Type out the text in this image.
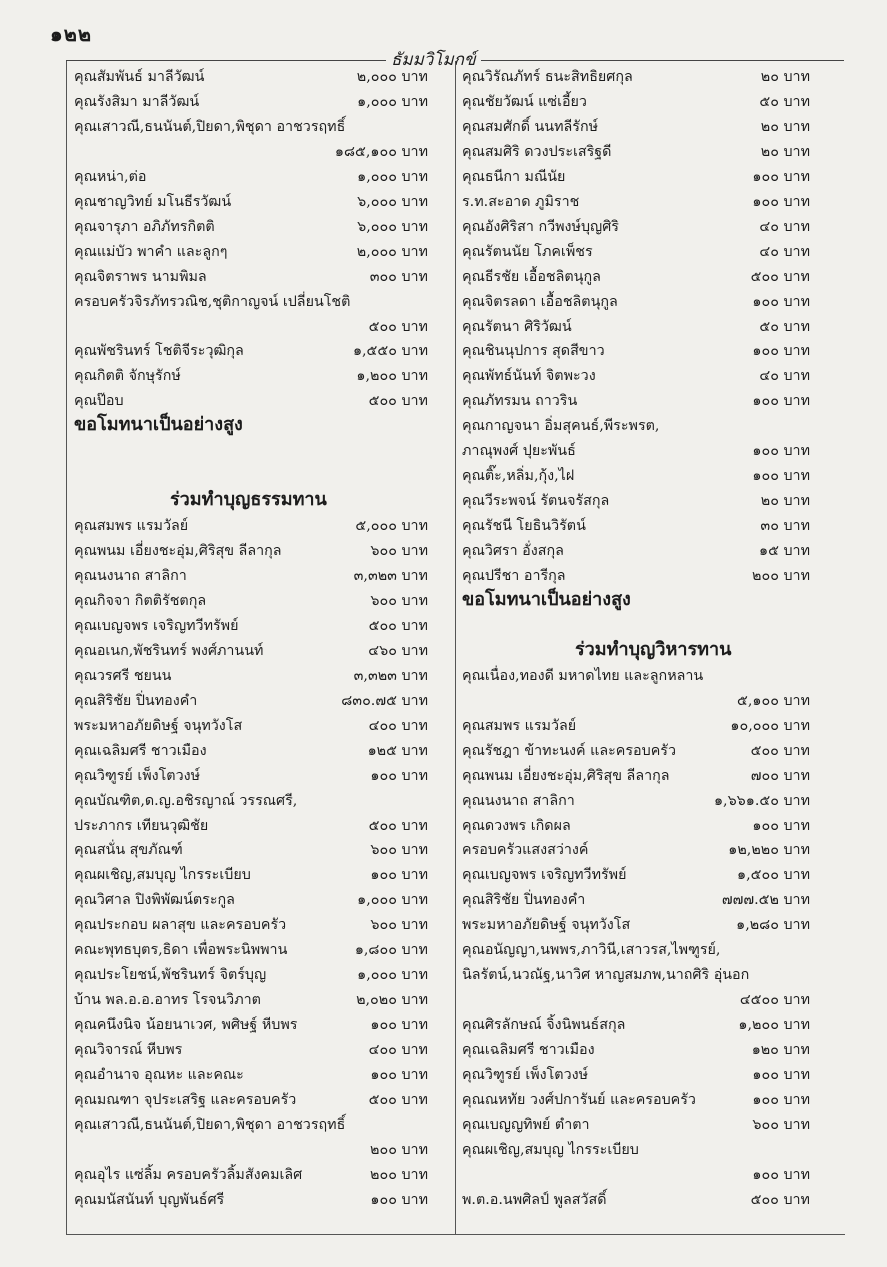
๑๒๒
ธัมมวิโมกข์
คุณสัมพันธ์ มาลีวัฒน์	๒,๐๐๐ บาท
คุณรังสิมา มาลีวัฒน์	๑,๐๐๐ บาท
คุณเสาวณี,ธนนันต์,ปิยดา,พิชุดา อาชวรฤทธิ์
๑๘๕,๑๐๐ บาท
คุณหน่า,ต่อ	๑,๐๐๐ บาท
คุณชาญวิทย์ มโนธีรวัฒน์	๖,๐๐๐ บาท
คุณจารุภา อภิภัทรกิตติ	๖,๐๐๐ บาท
คุณแม่บัว พาคำ และลูกๆ	๒,๐๐๐ บาท
คุณจิตราพร นามพิมล	๓๐๐ บาท
ครอบครัวจิรภัทรวณิช,ชุติกาญจน์ เปลี่ยนโชติ
๕๐๐ บาท
คุณพัชรินทร์ โชติจีระวุฒิกุล	๑,๕๕๐ บาท
คุณกิตติ จักษุรักษ์	๑,๒๐๐ บาท
คุณป๊อบ	๕๐๐ บาท
ขอโมทนาเป็นอย่างสูง
ร่วมทำบุญธรรมทาน
คุณสมพร แรมวัลย์	๕,๐๐๐ บาท
คุณพนม เอี่ยงชะอุ่ม,ศิริสุข ลีลากุล	๖๐๐ บาท
คุณนงนาถ สาลิกา	๓,๓๒๓ บาท
คุณกิจจา กิตติรัชตกุล	๖๐๐ บาท
คุณเบญจพร เจริญทวีทรัพย์	๕๐๐ บาท
คุณอเนก,พัชรินทร์ พงศ์ภานนท์	๔๖๐ บาท
คุณวรศรี ชยนน	๓,๓๒๓ บาท
คุณสิริชัย ปิ่นทองคำ	๘๓๐.๗๕ บาท
พระมหาอภัยดิษฐ์ จนุทวังโส	๔๐๐ บาท
คุณเฉลิมศรี ชาวเมือง	๑๒๕ บาท
คุณวิฑูรย์ เพ็งโตวงษ์	๑๐๐ บาท
คุณบัณฑิต,ด.ญ.อชิรญาณ์ วรรณศรี,
ประภากร เทียนวุฒิชัย	๕๐๐ บาท
คุณสนั่น สุขภัณฑ์	๖๐๐ บาท
คุณผเชิญ,สมบุญ ไกรระเบียบ	๑๐๐ บาท
คุณวิศาล ปิงพิพัฒน์ตระกูล	๑,๐๐๐ บาท
คุณประกอบ ผลาสุข และครอบครัว	๖๐๐ บาท
คณะพุทธบุตร,ธิดา เพื่อพระนิพพาน	๑,๘๐๐ บาท
คุณประโยชน์,พัชรินทร์ จิตร์บุญ	๑,๐๐๐ บาท
บ้าน พล.อ.อ.อาทร โรจนวิภาต	๒,๐๒๐ บาท
คุณคนึงนิจ น้อยนาเวศ, พศิษฐ์ หีบพร	๑๐๐ บาท
คุณวิจารณ์ หีบพร	๔๐๐ บาท
คุณอำนาจ อุณหะ และคณะ	๑๐๐ บาท
คุณมณฑา จุประเสริฐ และครอบครัว	๕๐๐ บาท
คุณเสาวณี,ธนนันต์,ปิยดา,พิชุดา อาชวรฤทธิ์
๒๐๐ บาท
คุณอุไร แซ่ลิ้ม ครอบครัวลิ้มสังคมเลิศ	๒๐๐ บาท
คุณมนัสนันท์ บุญพันธ์ศรี	๑๐๐ บาท
คุณวิรัณภัทร์ ธนะสิทธิยศกุล	๒๐ บาท
คุณชัยวัฒน์ แซ่เอี้ยว	๕๐ บาท
คุณสมศักดิ์ นนทลีรักษ์	๒๐ บาท
คุณสมศิริ ดวงประเสริฐดี	๒๐ บาท
คุณธนีกา มณีนัย	๑๐๐ บาท
ร.ท.สะอาด ภูมิราช	๑๐๐ บาท
คุณอังศิริสา กวีพงษ์บุญศิริ	๔๐ บาท
คุณรัตนนัย โภคเพ็ชร	๔๐ บาท
คุณธีรชัย เอื้อชลิตนุกูล	๕๐๐ บาท
คุณจิตรลดา เอื้อชลิตนุกูล	๑๐๐ บาท
คุณรัตนา ศิริวัฒน์	๕๐ บาท
คุณชินนุปการ สุดสีขาว	๑๐๐ บาท
คุณพัทธ์นันท์ จิตพะวง	๔๐ บาท
คุณภัทรมน ถาวริน	๑๐๐ บาท
คุณกาญจนา อิ่มสุคนธ์,พีระพรต,
ภาณุพงศ์ ปุยะพันธ์	๑๐๐ บาท
คุณติ๊ะ,หลิ่ม,กุ้ง,ไฝ	๑๐๐ บาท
คุณวีระพจน์ รัตนจรัสกุล	๒๐ บาท
คุณรัชนี โยธินวิรัตน์	๓๐ บาท
คุณวิศรา อั่งสกุล	๑๕ บาท
คุณปรีชา อารีกุล	๒๐๐ บาท
ขอโมทนาเป็นอย่างสูง
ร่วมทำบุญวิหารทาน
คุณเนื่อง,ทองดี มหาดไทย และลูกหลาน
๕,๑๐๐ บาท
คุณสมพร แรมวัลย์	๑๐,๐๐๐ บาท
คุณรัชฎา ข้าทะนงค์ และครอบครัว	๕๐๐ บาท
คุณพนม เอี่ยงชะอุ่ม,ศิริสุข ลีลากุล	๗๐๐ บาท
คุณนงนาถ สาลิกา	๑,๖๖๑.๕๐ บาท
คุณดวงพร เกิดผล	๑๐๐ บาท
ครอบครัวแสงสว่างค์	๑๒,๒๒๐ บาท
คุณเบญจพร เจริญทวีทรัพย์	๑,๕๐๐ บาท
คุณสิริชัย ปิ่นทองคำ	๗๗๗.๕๒ บาท
พระมหาอภัยดิษฐ์ จนุทวังโส	๑,๒๘๐ บาท
คุณอนัญญา,นพพร,ภาวินี,เสาวรส,ไพฑูรย์,
นิลรัตน์,นวณัฐ,นาวิศ หาญสมภพ,นาถศิริ อุ่นอก
๔๕๐๐ บาท
คุณศิรลักษณ์ จิ้งนิพนธ์สกุล	๑,๒๐๐ บาท
คุณเฉลิมศรี ชาวเมือง	๑๒๐ บาท
คุณวิฑูรย์ เพ็งโตวงษ์	๑๐๐ บาท
คุณณหทัย วงศ์ปการันย์ และครอบครัว	๑๐๐ บาท
คุณเบญญทิพย์ ตำตา	๖๐๐ บาท
คุณผเชิญ,สมบุญ ไกรระเบียบ
๑๐๐ บาท
พ.ต.อ.นพศิลป์ พูลสวัสดิ์	๕๐๐ บาท
